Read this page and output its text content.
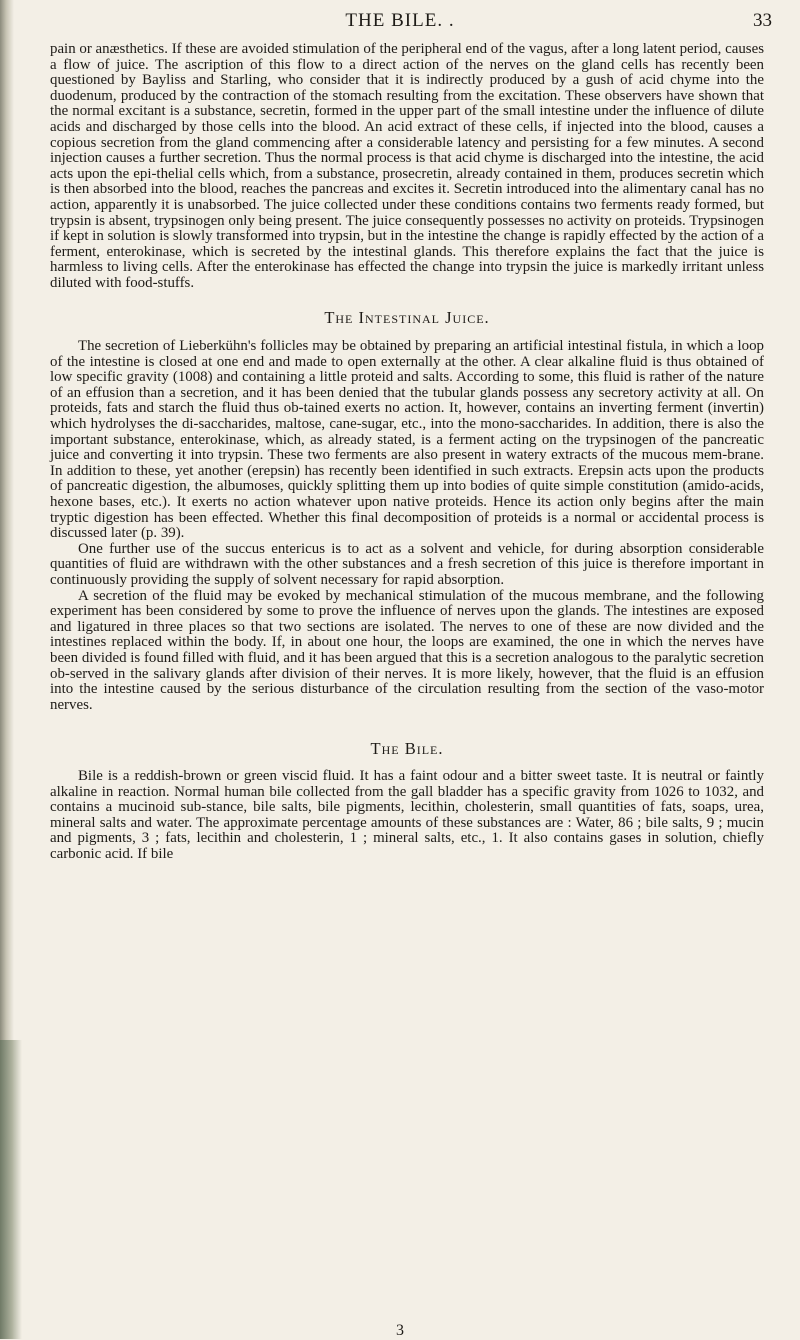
THE BILE. .	33

pain or anæsthetics. If these are avoided stimulation of the peripheral end of the vagus, after a long latent period, causes a flow of juice. The ascription of this flow to a direct action of the nerves on the gland cells has recently been questioned by Bayliss and Starling, who consider that it is indirectly produced by a gush of acid chyme into the duodenum, produced by the contraction of the stomach resulting from the excitation. These observers have shown that the normal excitant is a substance, secretin, formed in the upper part of the small intestine under the influence of dilute acids and discharged by those cells into the blood. An acid extract of these cells, if injected into the blood, causes a copious secretion from the gland commencing after a considerable latency and persisting for a few minutes. A second injection causes a further secretion. Thus the normal process is that acid chyme is discharged into the intestine, the acid acts upon the epi-thelial cells which, from a substance, prosecretin, already contained in them, produces secretin which is then absorbed into the blood, reaches the pancreas and excites it. Secretin introduced into the alimentary canal has no action, apparently it is unabsorbed. The juice collected under these conditions contains two ferments ready formed, but trypsin is absent, trypsinogen only being present. The juice consequently possesses no activity on proteids. Trypsinogen if kept in solution is slowly transformed into trypsin, but in the intestine the change is rapidly effected by the action of a ferment, enterokinase, which is secreted by the intestinal glands. This therefore explains the fact that the juice is harmless to living cells. After the enterokinase has effected the change into trypsin the juice is markedly irritant unless diluted with food-stuffs.

The Intestinal Juice.

The secretion of Lieberkühn's follicles may be obtained by preparing an artificial intestinal fistula, in which a loop of the intestine is closed at one end and made to open externally at the other. A clear alkaline fluid is thus obtained of low specific gravity (1008) and containing a little proteid and salts. According to some, this fluid is rather of the nature of an effusion than a secretion, and it has been denied that the tubular glands possess any secretory activity at all. On proteids, fats and starch the fluid thus ob-tained exerts no action. It, however, contains an inverting ferment (invertin) which hydrolyses the di-saccharides, maltose, cane-sugar, etc., into the mono-saccharides. In addition, there is also the important substance, enterokinase, which, as already stated, is a ferment acting on the trypsinogen of the pancreatic juice and converting it into trypsin. These two ferments are also present in watery extracts of the mucous mem-brane. In addition to these, yet another (erepsin) has recently been identified in such extracts. Erepsin acts upon the products of pancreatic digestion, the albumoses, quickly splitting them up into bodies of quite simple constitution (amido-acids, hexone bases, etc.). It exerts no action whatever upon native proteids. Hence its action only begins after the main tryptic digestion has been effected. Whether this final decomposition of proteids is a normal or accidental process is discussed later (p. 39).

One further use of the succus entericus is to act as a solvent and vehicle, for during absorption considerable quantities of fluid are withdrawn with the other substances and a fresh secretion of this juice is therefore important in continuously providing the supply of solvent necessary for rapid absorption.

A secretion of the fluid may be evoked by mechanical stimulation of the mucous membrane, and the following experiment has been considered by some to prove the influence of nerves upon the glands. The intestines are exposed and ligatured in three places so that two sections are isolated. The nerves to one of these are now divided and the intestines replaced within the body. If, in about one hour, the loops are examined, the one in which the nerves have been divided is found filled with fluid, and it has been argued that this is a secretion analogous to the paralytic secretion ob-served in the salivary glands after division of their nerves. It is more likely, however, that the fluid is an effusion into the intestine caused by the serious disturbance of the circulation resulting from the section of the vaso-motor nerves.

The Bile.

Bile is a reddish-brown or green viscid fluid. It has a faint odour and a bitter sweet taste. It is neutral or faintly alkaline in reaction. Normal human bile collected from the gall bladder has a specific gravity from 1026 to 1032, and contains a mucinoid sub-stance, bile salts, bile pigments, lecithin, cholesterin, small quantities of fats, soaps, urea, mineral salts and water. The approximate percentage amounts of these substances are : Water, 86 ; bile salts, 9 ; mucin and pigments, 3 ; fats, lecithin and cholesterin, 1 ; mineral salts, etc., 1. It also contains gases in solution, chiefly carbonic acid. If bile

3
